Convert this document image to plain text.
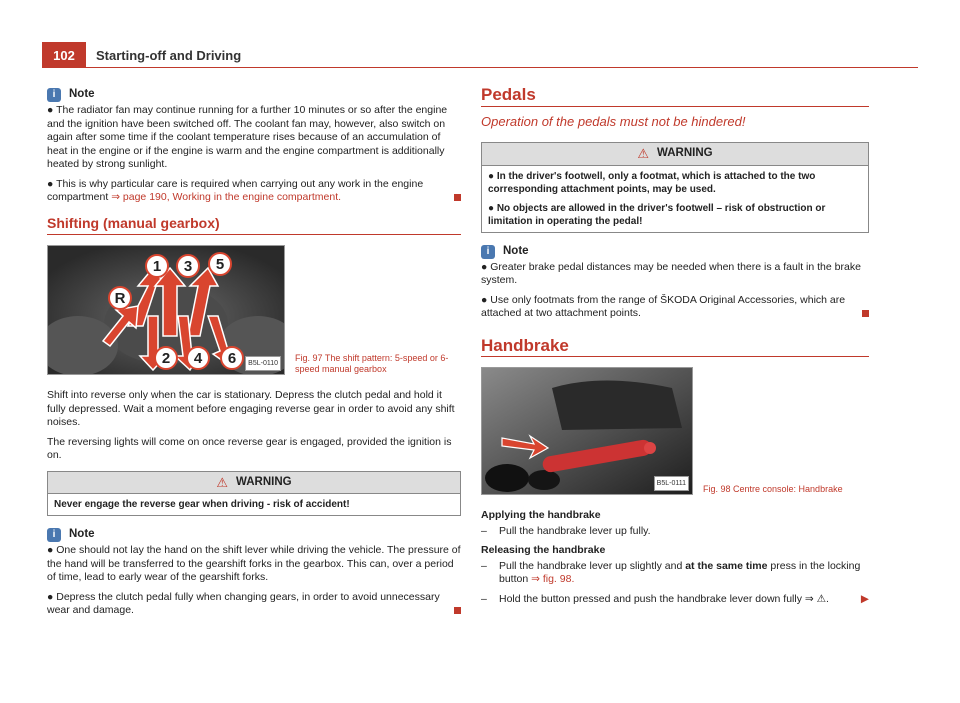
102	Starting-off and Driving
i	Note

● The radiator fan may continue running for a further 10 minutes or so after the engine and the ignition have been switched off. The coolant fan may, however, also switch on again after some time if the coolant temperature rises because of an accumulation of heat in the engine or if the engine is warm and the engine compartment is additionally heated by strong sunlight.

● This is why particular care is required when carrying out any work in the engine compartment ⇒ page 190, Working in the engine compartment.

Shifting (manual gearbox)
1 3 5
R
2 4 6	B5L-0110	Fig. 97 The shift pattern: 5-speed or 6-speed manual gearbox

Shift into reverse only when the car is stationary. Depress the clutch pedal and hold it fully depressed. Wait a moment before engaging reverse gear in order to avoid any shift noises.

The reversing lights will come on once reverse gear is engaged, provided the ignition is on.

⚠ WARNING
Never engage the reverse gear when driving - risk of accident!
i	Note

● One should not lay the hand on the shift lever while driving the vehicle. The pressure of the hand will be transferred to the gearshift forks in the gearbox. This can, over a period of time, lead to early wear of the gearshift forks.

● Depress the clutch pedal fully when changing gears, in order to avoid unnecessary wear and damage.

Pedals
Operation of the pedals must not be hindered!
⚠ WARNING

● In the driver's footwell, only a footmat, which is attached to the two corresponding attachment points, may be used.

● No objects are allowed in the driver's footwell – risk of obstruction or limitation in operating the pedal!

i	Note

● Greater brake pedal distances may be needed when there is a fault in the brake system.

● Use only footmats from the range of ŠKODA Original Accessories, which are attached at two attachment points.

Handbrake
B5L-0111
Fig. 98 Centre console: Handbrake

Applying the handbrake

– Pull the handbrake lever up fully.

Releasing the handbrake

– Pull the handbrake lever up slightly and at the same time press in the locking button ⇒ fig. 98.
– Hold the button pressed and push the handbrake lever down fully ⇒ ⚠.	▶
